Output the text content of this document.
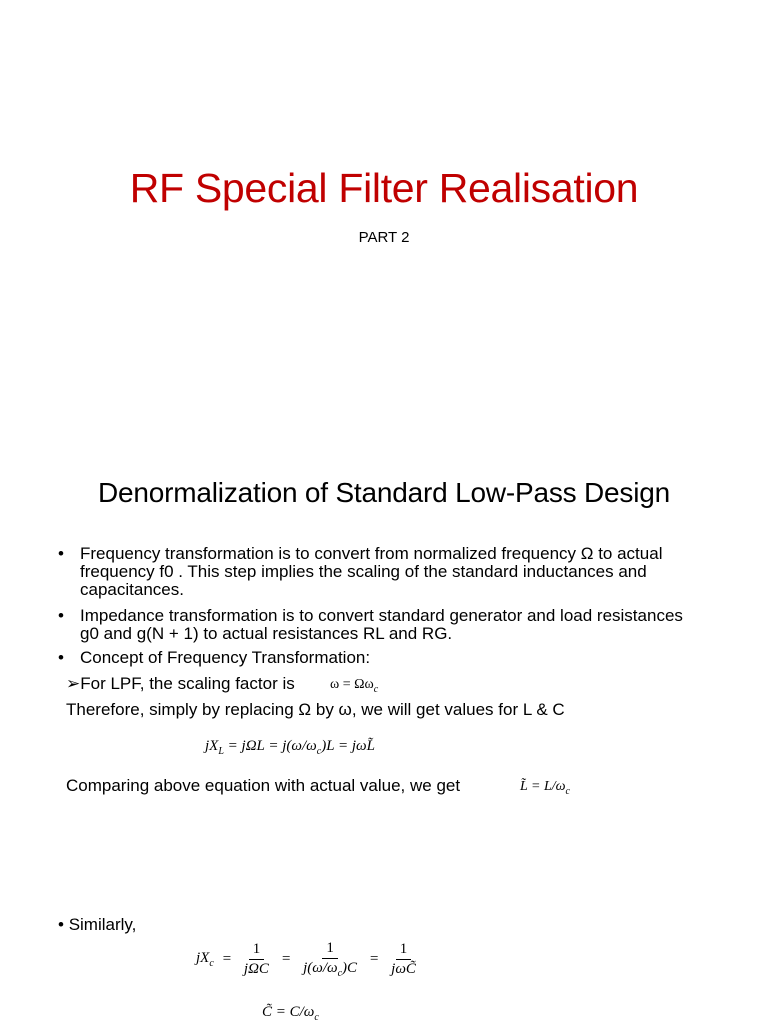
RF Special Filter Realisation
PART 2
Denormalization of Standard Low-Pass Design
• Frequency transformation is to convert from normalized frequency Ω to actual frequency f0 . This step implies the scaling of the standard inductances and capacitances.
• Impedance transformation is to convert standard generator and load resistances g0 and g(N + 1) to actual resistances RL and RG.
• Concept of Frequency Transformation:
➢For LPF, the scaling factor is	$\omega = \Omega\omega_c$
Therefore, simply by replacing Ω by ω, we will get values for L & C
$jX_L = j\Omega L = j(\omega/\omega_c)L$ = jωL̃
Comparing above equation with actual value, we get	L̃ = $L/\omega_c$
• Similarly,
$jX_c = \frac{1}{\text{jΩC}} = \frac{1}{j(\omega/\omega_c)C} = \frac{1}{\text{jωC̃}}$
C̃ = $C/\omega_c$
